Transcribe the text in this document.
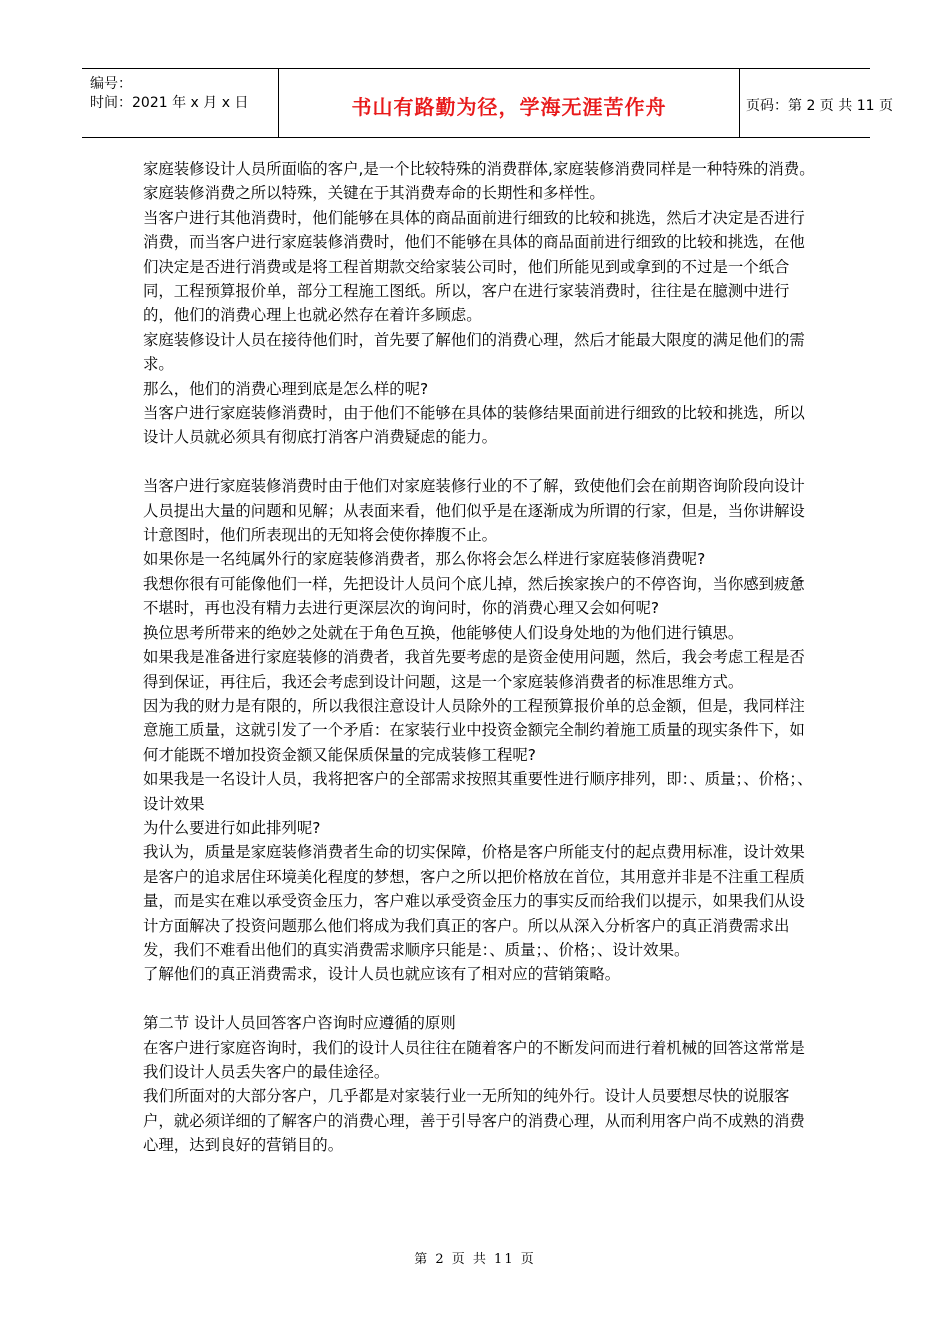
编号：
时间：2021 年 x 月 x 日	书山有路勤为径，学海无涯苦作舟	页码：第 2 页 共 11 页

家庭装修设计人员所面临的客户,是一个比较特殊的消费群体,家庭装修消费同样是一种特殊的消费。家庭装修消费之所以特殊，关键在于其消费寿命的长期性和多样性。

当客户进行其他消费时，他们能够在具体的商品面前进行细致的比较和挑选，然后才决定是否进行消费，而当客户进行家庭装修消费时，他们不能够在具体的商品面前进行细致的比较和挑选，在他们决定是否进行消费或是将工程首期款交给家装公司时，他们所能见到或拿到的不过是一个纸合同，工程预算报价单，部分工程施工图纸。所以，客户在进行家装消费时，往往是在臆测中进行的，他们的消费心理上也就必然存在着许多顾虑。

家庭装修设计人员在接待他们时，首先要了解他们的消费心理，然后才能最大限度的满足他们的需求。

那么，他们的消费心理到底是怎么样的呢?

当客户进行家庭装修消费时，由于他们不能够在具体的装修结果面前进行细致的比较和挑选，所以设计人员就必须具有彻底打消客户消费疑虑的能力。

当客户进行家庭装修消费时由于他们对家庭装修行业的不了解，致使他们会在前期咨询阶段向设计人员提出大量的问题和见解；从表面来看，他们似乎是在逐渐成为所谓的行家，但是，当你讲解设计意图时，他们所表现出的无知将会使你捧腹不止。

如果你是一名纯属外行的家庭装修消费者，那么你将会怎么样进行家庭装修消费呢?

我想你很有可能像他们一样，先把设计人员问个底儿掉，然后挨家挨户的不停咨询，当你感到疲惫不堪时，再也没有精力去进行更深层次的询问时，你的消费心理又会如何呢?

换位思考所带来的绝妙之处就在于角色互换，他能够使人们设身处地的为他们进行镇思。

如果我是准备进行家庭装修的消费者，我首先要考虑的是资金使用问题，然后，我会考虑工程是否得到保证，再往后，我还会考虑到设计问题，这是一个家庭装修消费者的标准思维方式。

因为我的财力是有限的，所以我很注意设计人员除外的工程预算报价单的总金额，但是，我同样注意施工质量，这就引发了一个矛盾：在家装行业中投资金额完全制约着施工质量的现实条件下，如何才能既不增加投资金额又能保质保量的完成装修工程呢?

如果我是一名设计人员，我将把客户的全部需求按照其重要性进行顺序排列，即：、质量；、价格；、设计效果

为什么要进行如此排列呢?

我认为，质量是家庭装修消费者生命的切实保障，价格是客户所能支付的起点费用标准，设计效果是客户的追求居住环境美化程度的梦想，客户之所以把价格放在首位，其用意并非是不注重工程质量，而是实在难以承受资金压力，客户难以承受资金压力的事实反而给我们以提示，如果我们从设计方面解决了投资问题那么他们将成为我们真正的客户。所以从深入分析客户的真正消费需求出发，我们不难看出他们的真实消费需求顺序只能是：、质量；、价格；、设计效果。

了解他们的真正消费需求，设计人员也就应该有了相对应的营销策略。

第二节 设计人员回答客户咨询时应遵循的原则

在客户进行家庭咨询时，我们的设计人员往往在随着客户的不断发问而进行着机械的回答这常常是我们设计人员丢失客户的最佳途径。

我们所面对的大部分客户，几乎都是对家装行业一无所知的纯外行。设计人员要想尽快的说服客户，就必须详细的了解客户的消费心理，善于引导客户的消费心理，从而利用客户尚不成熟的消费心理，达到良好的营销目的。

第 2 页 共 11 页
